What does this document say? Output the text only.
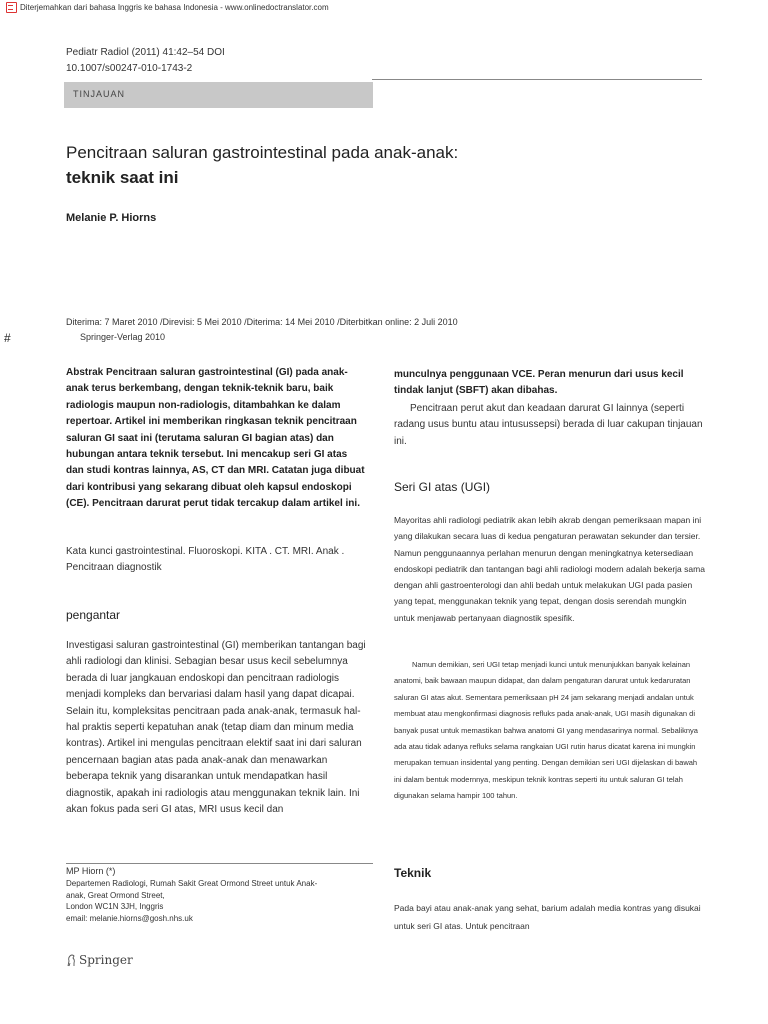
Diterjemahkan dari bahasa Inggris ke bahasa Indonesia - www.onlinedoctranslator.com
Pediatr Radiol (2011) 41:42–54 DOI
10.1007/s00247-010-1743-2
TINJAUAN
Pencitraan saluran gastrointestinal pada anak-anak:
teknik saat ini
Melanie P. Hiorns
#
Diterima: 7 Maret 2010 /Direvisi: 5 Mei 2010 /Diterima: 14 Mei 2010 /Diterbitkan online: 2 Juli 2010
Springer-Verlag 2010

Abstrak Pencitraan saluran gastrointestinal (GI) pada anak-anak terus berkembang, dengan teknik-teknik baru, baik radiologis maupun non-radiologis, ditambahkan ke dalam repertoar. Artikel ini memberikan ringkasan teknik pencitraan saluran GI saat ini (terutama saluran GI bagian atas) dan hubungan antara teknik tersebut. Ini mencakup seri GI atas dan studi kontras lainnya, AS, CT dan MRI. Catatan juga dibuat dari kontribusi yang sekarang dibuat oleh kapsul endoskopi (CE). Pencitraan darurat perut tidak tercakup dalam artikel ini.

Kata kunci gastrointestinal. Fluoroskopi. KITA . CT. MRI. Anak . Pencitraan diagnostik

pengantar

Investigasi saluran gastrointestinal (GI) memberikan tantangan bagi ahli radiologi dan klinisi. Sebagian besar usus kecil sebelumnya berada di luar jangkauan endoskopi dan pencitraan radiologis menjadi kompleks dan bervariasi dalam hasil yang dapat dicapai. Selain itu, kompleksitas pencitraan pada anak-anak, termasuk hal-hal praktis seperti kepatuhan anak (tetap diam dan minum media kontras). Artikel ini mengulas pencitraan elektif saat ini dari saluran pencernaan bagian atas pada anak-anak dan menawarkan beberapa teknik yang disarankan untuk mendapatkan hasil diagnostik, apakah ini radiologis atau menggunakan teknik lain. Ini akan fokus pada seri GI atas, MRI usus kecil dan

MP Hiorn (*)
Departemen Radiologi, Rumah Sakit Great Ormond Street untuk Anak-
anak, Great Ormond Street,
London WC1N 3JH, Inggris
email: melanie.hiorns@gosh.nhs.uk
Springer

munculnya penggunaan VCE. Peran menurun dari usus kecil tindak lanjut (SBFT) akan dibahas.

Pencitraan perut akut dan keadaan darurat GI lainnya (seperti radang usus buntu atau intusussepsi) berada di luar cakupan tinjauan ini.

Seri GI atas (UGI)

Mayoritas ahli radiologi pediatrik akan lebih akrab dengan pemeriksaan mapan ini yang dilakukan secara luas di kedua pengaturan perawatan sekunder dan tersier. Namun penggunaannya perlahan menurun dengan meningkatnya ketersediaan endoskopi pediatrik dan tantangan bagi ahli radiologi modern adalah bekerja sama dengan ahli gastroenterologi dan ahli bedah untuk melakukan UGI pada pasien yang tepat, menggunakan teknik yang tepat, dengan dosis serendah mungkin untuk menjawab pertanyaan diagnostik spesifik.

Namun demikian, seri UGI tetap menjadi kunci untuk menunjukkan banyak kelainan anatomi, baik bawaan maupun didapat, dan dalam pengaturan darurat untuk kedaruratan saluran GI atas akut. Sementara pemeriksaan pH 24 jam sekarang menjadi andalan untuk membuat atau mengkonfirmasi diagnosis refluks pada anak-anak, UGI masih digunakan di banyak pusat untuk memastikan bahwa anatomi GI yang mendasarinya normal. Sebaliknya ada atau tidak adanya refluks selama rangkaian UGI rutin harus dicatat karena ini mungkin merupakan temuan insidental yang penting. Dengan demikian seri UGI dijelaskan di bawah ini dalam bentuk modernnya, meskipun teknik kontras seperti itu untuk saluran GI telah digunakan selama hampir 100 tahun.

Teknik

Pada bayi atau anak-anak yang sehat, barium adalah media kontras yang disukai untuk seri GI atas. Untuk pencitraan
